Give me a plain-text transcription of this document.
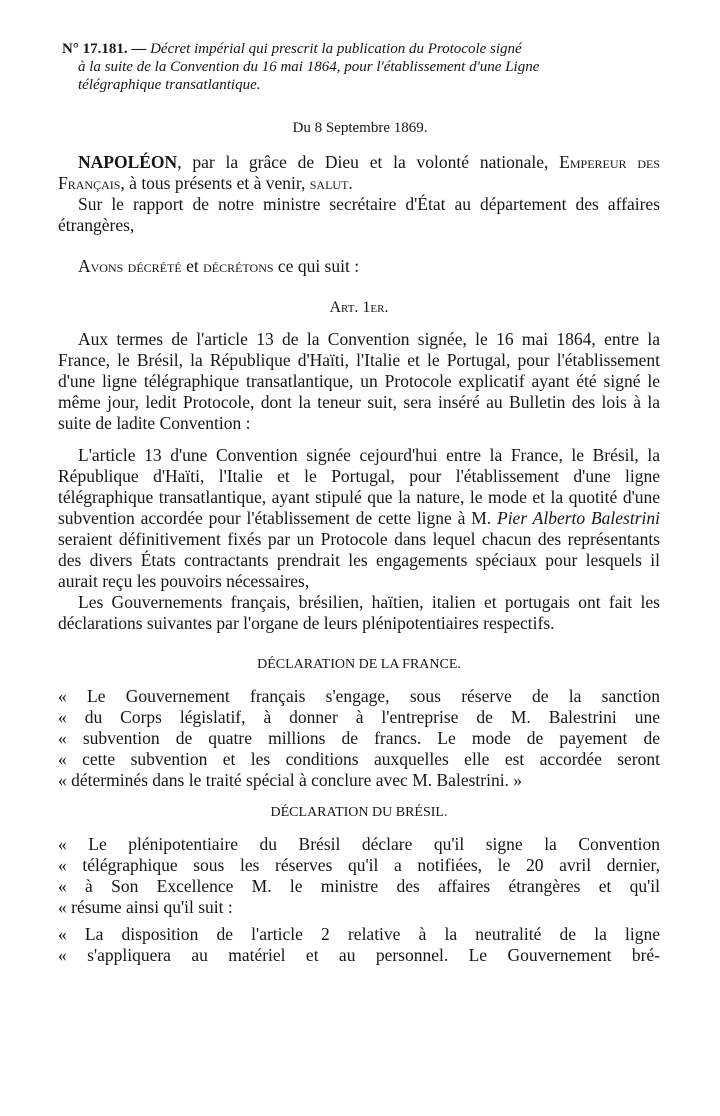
N° 17.181. — Décret impérial qui prescrit la publication du Protocole signé
à la suite de la Convention du 16 mai 1864, pour l'établissement d'une Ligne
télégraphique transatlantique.
Du 8 Septembre 1869.

NAPOLÉON, par la grâce de Dieu et la volonté nationale, Empereur des Français, à tous présents et à venir, salut.

Sur le rapport de notre ministre secrétaire d'État au département des affaires étrangères,

Avons décrété et décrétons ce qui suit :

Art. 1er.

Aux termes de l'article 13 de la Convention signée, le 16 mai 1864, entre la France, le Brésil, la République d'Haïti, l'Italie et le Portugal, pour l'établissement d'une ligne télégraphique transatlantique, un Protocole explicatif ayant été signé le même jour, ledit Protocole, dont la teneur suit, sera inséré au Bulletin des lois à la suite de ladite Convention :

L'article 13 d'une Convention signée cejourd'hui entre la France, le Brésil, la République d'Haïti, l'Italie et le Portugal, pour l'établissement d'une ligne télégraphique transatlantique, ayant stipulé que la nature, le mode et la quotité d'une subvention accordée pour l'établissement de cette ligne à M. Pier Alberto Balestrini seraient définitivement fixés par un Protocole dans lequel chacun des représentants des divers États contractants prendrait les engagements spéciaux pour lesquels il aurait reçu les pouvoirs nécessaires,

Les Gouvernements français, brésilien, haïtien, italien et portugais ont fait les déclarations suivantes par l'organe de leurs plénipotentiaires respectifs.

DÉCLARATION DE LA FRANCE.

« Le Gouvernement français s'engage, sous réserve de la sanction
« du Corps législatif, à donner à l'entreprise de M. Balestrini une
« subvention de quatre millions de francs. Le mode de payement de
« cette subvention et les conditions auxquelles elle est accordée seront
« déterminés dans le traité spécial à conclure avec M. Balestrini. »

DÉCLARATION DU BRÉSIL.

« Le plénipotentiaire du Brésil déclare qu'il signe la Convention
« télégraphique sous les réserves qu'il a notifiées, le 20 avril dernier,
« à Son Excellence M. le ministre des affaires étrangères et qu'il
« résume ainsi qu'il suit :
« La disposition de l'article 2 relative à la neutralité de la ligne
« s'appliquera au matériel et au personnel. Le Gouvernement bré-
